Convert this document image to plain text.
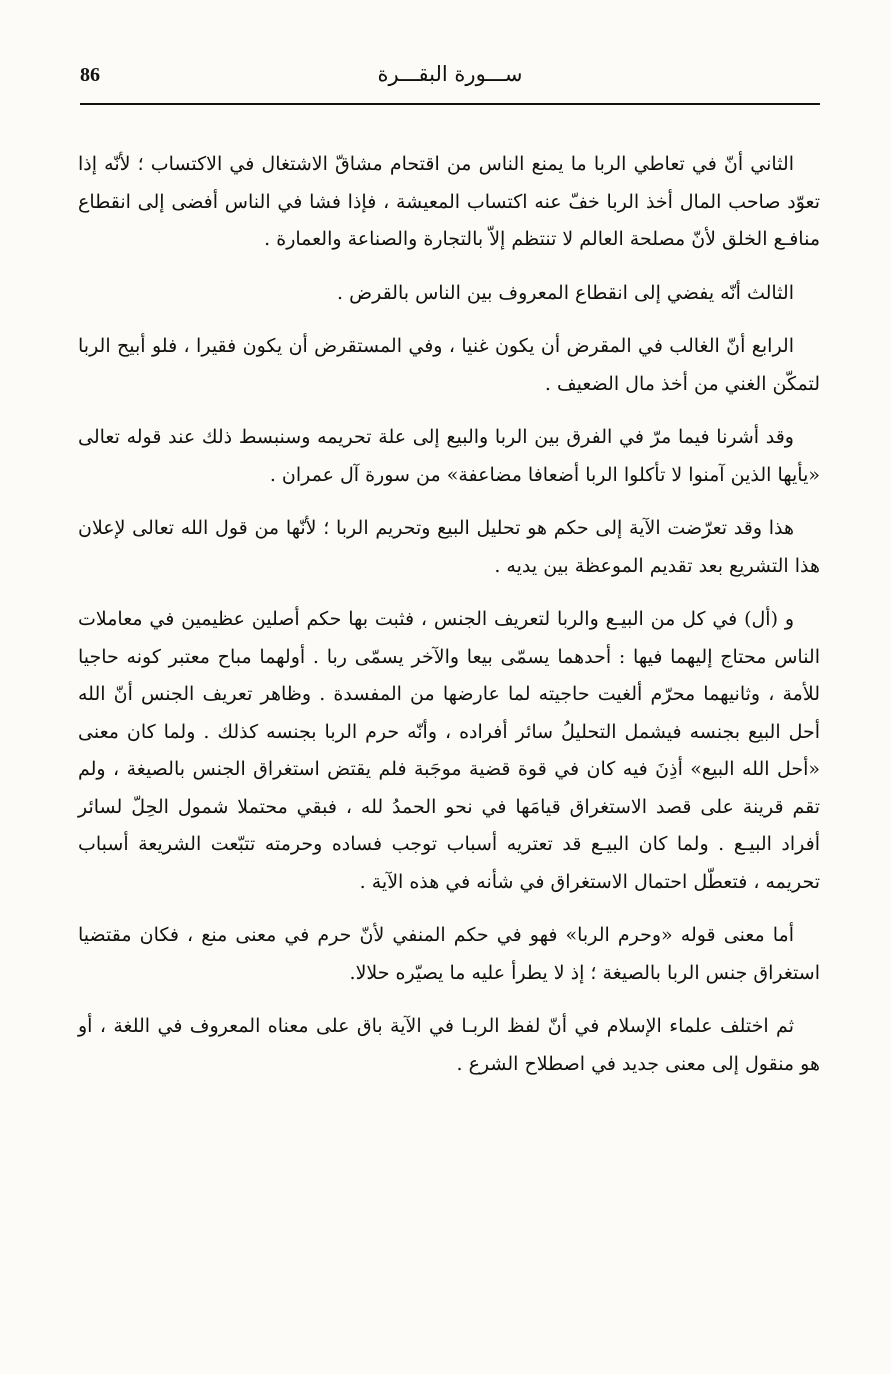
86	ســـورة البقـــرة

الثاني أنّ في تعاطي الربا ما يمنع الناس من اقتحام مشاقّ الاشتغال في الاكتساب ؛ لأنّه إذا تعوّد صاحب المال أخذ الربا خفّ عنه اكتساب المعيشة ، فإذا فشا في الناس أفضى إلى انقطاع منافـع الخلق لأنّ مصلحة العالم لا تنتظم إلاّ بالتجارة والصناعة والعمارة .

الثالث أنّه يفضي إلى انقطاع المعروف بين الناس بالقرض .

الرابع أنّ الغالب في المقرض أن يكون غنيا ، وفي المستقرض أن يكون فقيرا ، فلو أبيح الربا لتمكّن الغني من أخذ مال الضعيف .

وقد أشرنا فيما مرّ في الفرق بين الربا والبيع إلى علة تحريمه وسنبسط ذلك عند قوله تعالى «يأيها الذين آمنوا لا تأكلوا الربا أضعافا مضاعفة» من سورة آل عمران .

هذا وقد تعرّضت الآية إلى حكم هو تحليل البيع وتحريم الربا ؛ لأنّها من قول الله تعالى لإعلان هذا التشريع بعد تقديم الموعظة بين يديه .

و (أل) في كل من البيـع والربا لتعريف الجنس ، فثبت بها حكم أصلين عظيمين في معاملات الناس محتاج إليهما فيها : أحدهما يسمّى بيعا والآخر يسمّى ربا . أولهما مباح معتبر كونه حاجيا للأمة ، وثانيهما محرّم ألغيت حاجيته لما عارضها من المفسدة . وظاهر تعريف الجنس أنّ الله أحل البيع بجنسه فيشمل التحليلُ سائر أفراده ، وأنّه حرم الربا بجنسه كذلك . ولما كان معنى «أحل الله البيع» أذِنَ فيه كان في قوة قضية موجَبة فلم يقتض استغراق الجنس بالصيغة ، ولم تقم قرينة على قصد الاستغراق قيامَها في نحو الحمدُ لله ، فبقي محتملا شمول الحِلّ لسائر أفراد البيـع . ولما كان البيـع قد تعتريه أسباب توجب فساده وحرمته تتبّعت الشريعة أسباب تحريمه ، فتعطّل احتمال الاستغراق في شأنه في هذه الآية .

أما معنى قوله «وحرم الربا» فهو في حكم المنفي لأنّ حرم في معنى منع ، فكان مقتضيا استغراق جنس الربا بالصيغة ؛ إذ لا يطرأ عليه ما يصيّره حلالا.

ثم اختلف علماء الإسلام في أنّ لفظ الربـا في الآية باق على معناه المعروف في اللغة ، أو هو منقول إلى معنى جديد في اصطلاح الشرع .
